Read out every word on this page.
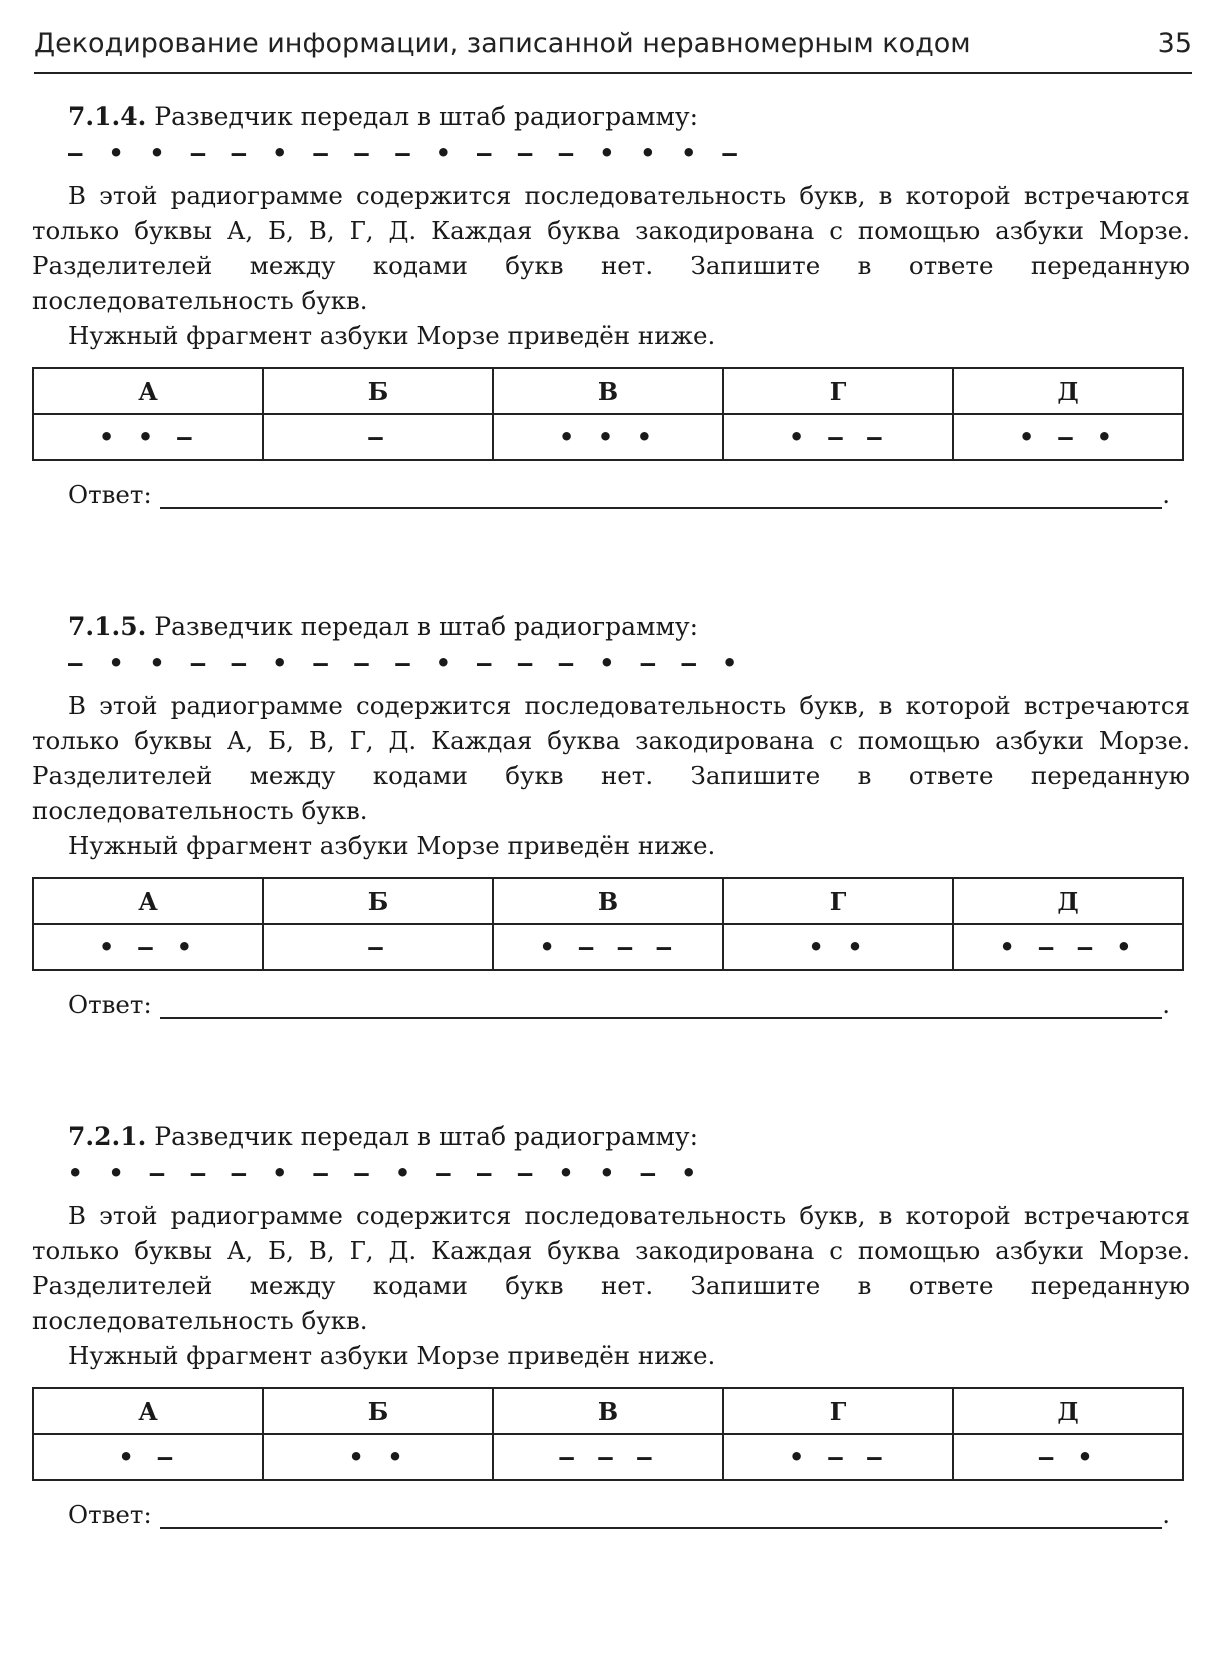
Декодирование информации, записанной неравномерным кодом	35

7.1.4. Разведчик передал в штаб радиограмму:

– • • – – • – – – • – – – • • • –
В этой радиограмме содержится последовательность букв, в которой встречаются только буквы А, Б, В, Г, Д. Каждая буква закодирована с помощью азбуки Морзе. Разделителей между кодами букв нет. Запишите в ответе переданную последовательность букв.
Нужный фрагмент азбуки Морзе приведён ниже.
А	Б	В	Г	Д
• • –	–	• • •	• – –	• – •
Ответ:	.

7.1.5. Разведчик передал в штаб радиограмму:

– • • – – • – – – • – – – • – – •
В этой радиограмме содержится последовательность букв, в которой встречаются только буквы А, Б, В, Г, Д. Каждая буква закодирована с помощью азбуки Морзе. Разделителей между кодами букв нет. Запишите в ответе переданную последовательность букв.
Нужный фрагмент азбуки Морзе приведён ниже.
А	Б	В	Г	Д
• – •	–	• – – –	• •	• – – •
Ответ:	.

7.2.1. Разведчик передал в штаб радиограмму:

• • – – – • – – • – – – • • – •
В этой радиограмме содержится последовательность букв, в которой встречаются только буквы А, Б, В, Г, Д. Каждая буква закодирована с помощью азбуки Морзе. Разделителей между кодами букв нет. Запишите в ответе переданную последовательность букв.
Нужный фрагмент азбуки Морзе приведён ниже.
А	Б	В	Г	Д
• –	• •	– – –	• – –	– •
Ответ:	.
